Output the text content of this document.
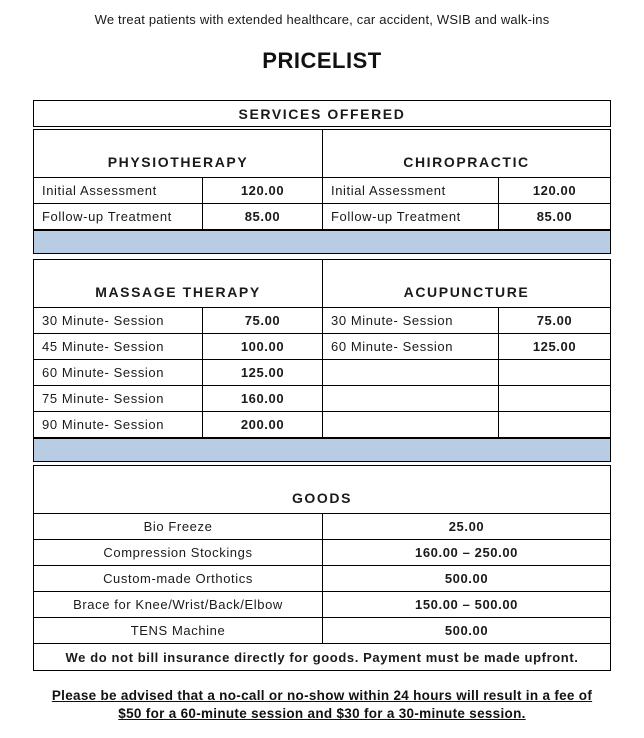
We treat patients with extended healthcare, car accident, WSIB and walk-ins
PRICELIST
SERVICES OFFERED
PHYSIOTHERAPY	CHIROPRACTIC
Initial Assessment	120.00	Initial Assessment	120.00
Follow-up Treatment	85.00	Follow-up Treatment	85.00
MASSAGE THERAPY	ACUPUNCTURE
30 Minute- Session	75.00	30 Minute- Session	75.00
45 Minute- Session	100.00	60 Minute- Session	125.00
60 Minute- Session	125.00
75 Minute- Session	160.00
90 Minute- Session	200.00
GOODS
Bio Freeze	25.00
Compression Stockings	160.00 – 250.00
Custom-made Orthotics	500.00
Brace for Knee/Wrist/Back/Elbow	150.00 – 500.00
TENS Machine	500.00
We do not bill insurance directly for goods. Payment must be made upfront.
Please be advised that a no-call or no-show within 24 hours will result in a fee of
$50 for a 60-minute session and $30 for a 30-minute session.
